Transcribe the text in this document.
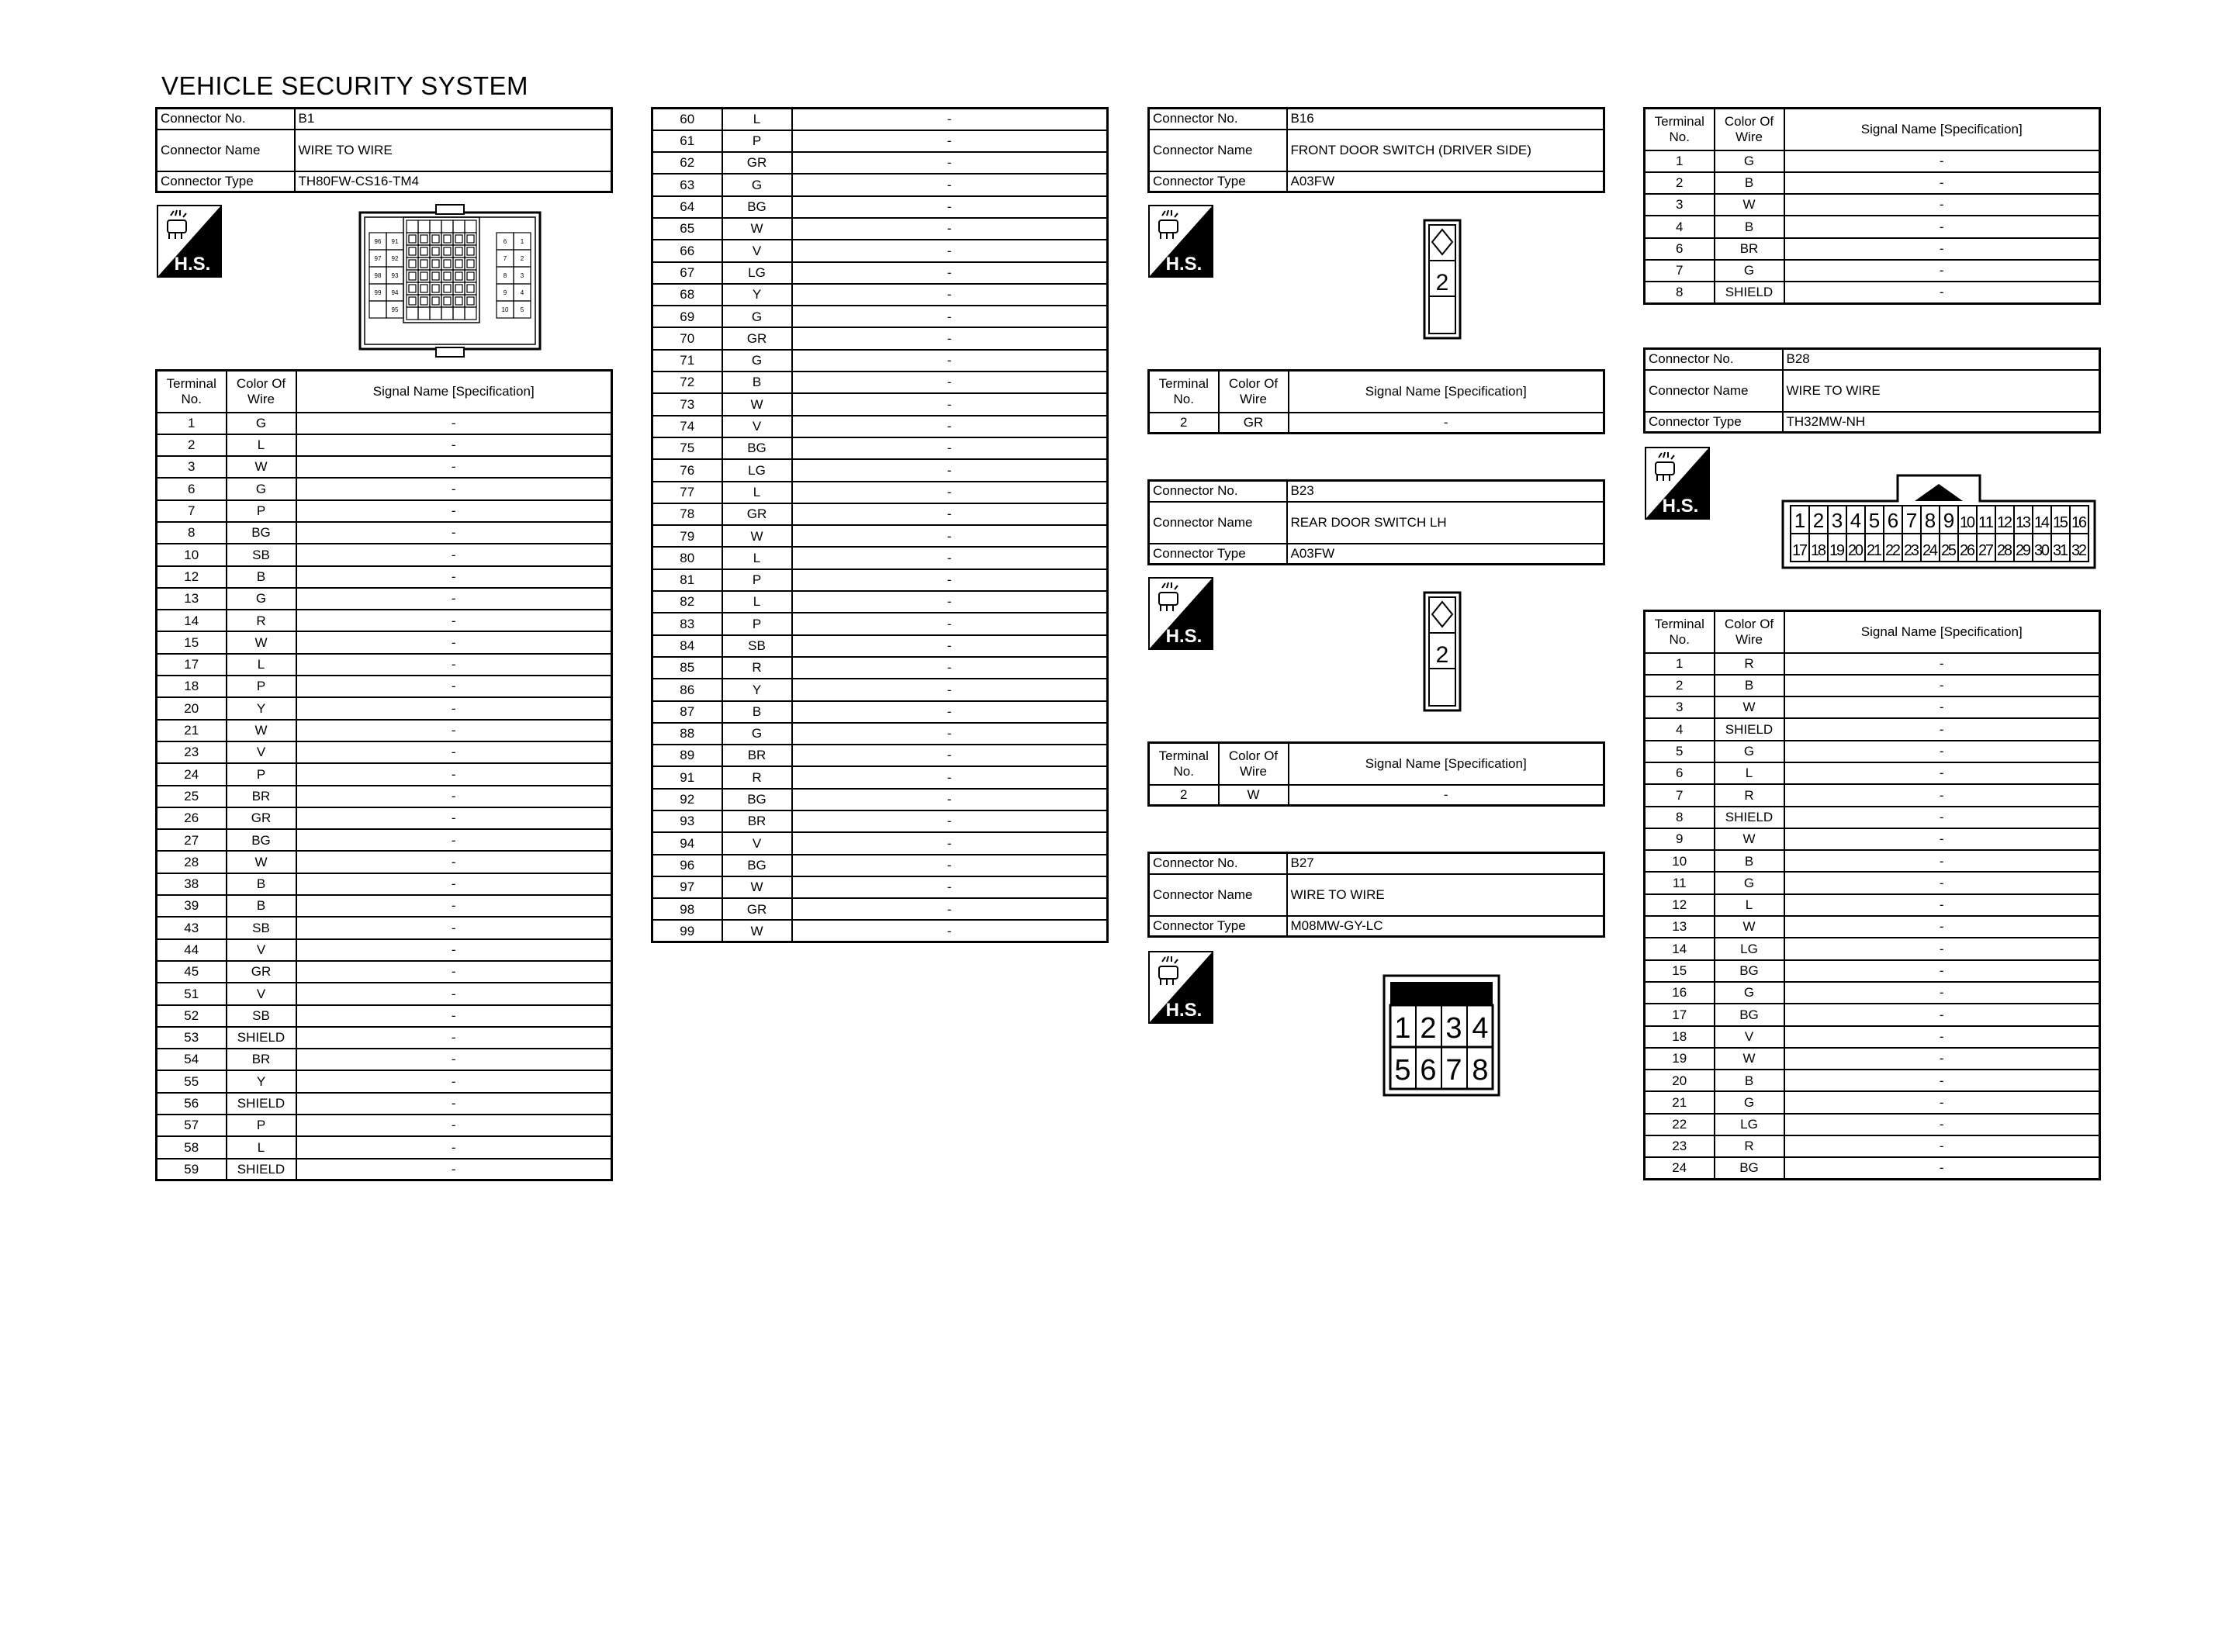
VEHICLE SECURITY SYSTEM
Connector No.	B1
Connector Name	WIRE TO WIRE
Connector Type	TH80FW-CS16-TM4
H.S.	H.S.
H.S.
H.S.
H.S.
96 91
97 92
98 93
99 94
95
6 1
7 2
8 3
9 4
10 5
Terminal No.	Color Of Wire	Signal Name [Specification]
1	G	-
2	L	-
3	W	-
6	G	-
7	P	-
8	BG	-
10	SB	-
12	B	-
13	G	-
14	R	-
15	W	-
17	L	-
18	P	-
20	Y	-
21	W	-
23	V	-
24	P	-
25	BR	-
26	GR	-
27	BG	-
28	W	-
38	B	-
39	B	-
43	SB	-
44	V	-
45	GR	-
51	V	-
52	SB	-
53	SHIELD	-
54	BR	-
55	Y	-
56	SHIELD	-
57	P	-
58	L	-
59	SHIELD	-
60	L	-
61	P	-
62	GR	-
63	G	-
64	BG	-
65	W	-
66	V	-
67	LG	-
68	Y	-
69	G	-
70	GR	-
71	G	-
72	B	-
73	W	-
74	V	-
75	BG	-
76	LG	-
77	L	-
78	GR	-
79	W	-
80	L	-
81	P	-
82	L	-
83	P	-
84	SB	-
85	R	-
86	Y	-
87	B	-
88	G	-
89	BR	-
91	R	-
92	BG	-
93	BR	-
94	V	-
96	BG	-
97	W	-
98	GR	-
99	W	-
Connector No.	B16
Connector Name	FRONT DOOR SWITCH (DRIVER SIDE)
Connector Type	A03FW
2
Terminal No.	Color Of Wire	Signal Name [Specification]
2	GR	-
Connector No.	B23
Connector Name	REAR DOOR SWITCH LH
Connector Type	A03FW
2
Terminal No.	Color Of Wire	Signal Name [Specification]
2	W	-
Connector No.	B27
Connector Name	WIRE TO WIRE
Connector Type	M08MW-GY-LC
1 2 3 4
5 6 7 8
Terminal No.	Color Of Wire	Signal Name [Specification]
1	G	-
2	B	-
3	W	-
4	B	-
6	BR	-
7	G	-
8	SHIELD	-
Connector No.	B28
Connector Name	WIRE TO WIRE
Connector Type	TH32MW-NH
1 2 3 4 5 6 7 8 9 10 11 12 13 14 15 16
17 18 19 20 21 22 23 24 25 26 27 28 29 30 31 32
Terminal No.	Color Of Wire	Signal Name [Specification]
1	R	-
2	B	-
3	W	-
4	SHIELD	-
5	G	-
6	L	-
7	R	-
8	SHIELD	-
9	W	-
10	B	-
11	G	-
12	L	-
13	W	-
14	LG	-
15	BG	-
16	G	-
17	BG	-
18	V	-
19	W	-
20	B	-
21	G	-
22	LG	-
23	R	-
24	BG	-
